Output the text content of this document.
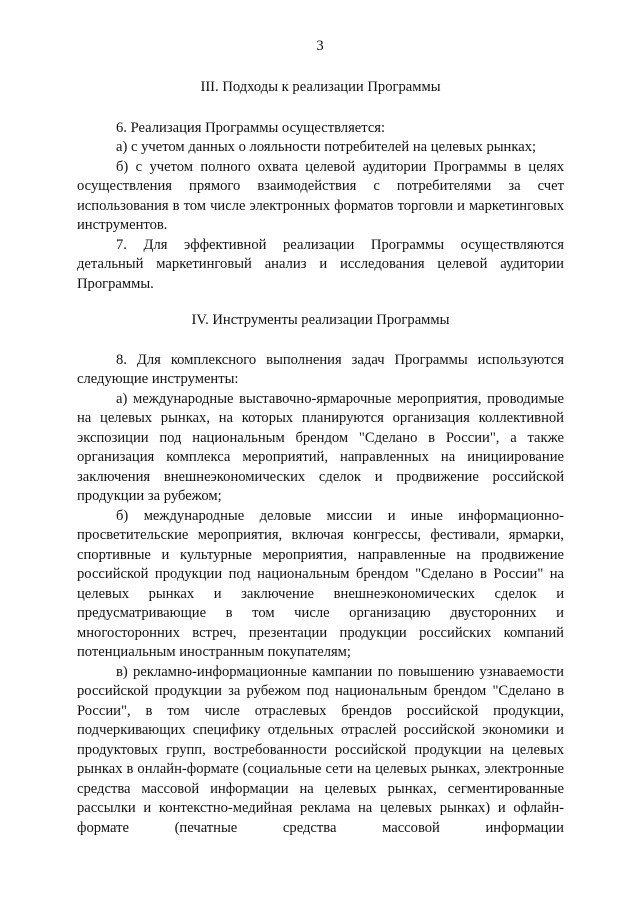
3
III. Подходы к реализации Программы

6. Реализация Программы осуществляется:

а) с учетом данных о лояльности потребителей на целевых рынках;

б) с учетом полного охвата целевой аудитории Программы в целях осуществления прямого взаимодействия с потребителями за счет использования в том числе электронных форматов торговли и маркетинговых инструментов.

7. Для эффективной реализации Программы осуществляются детальный маркетинговый анализ и исследования целевой аудитории Программы.

IV. Инструменты реализации Программы

8. Для комплексного выполнения задач Программы используются следующие инструменты:

а) международные выставочно-ярмарочные мероприятия, проводимые на целевых рынках, на которых планируются организация коллективной экспозиции под национальным брендом "Сделано в России", а также организация комплекса мероприятий, направленных на инициирование заключения внешнеэкономических сделок и продвижение российской продукции за рубежом;

б) международные деловые миссии и иные информационно-просветительские мероприятия, включая конгрессы, фестивали, ярмарки, спортивные и культурные мероприятия, направленные на продвижение российской продукции под национальным брендом "Сделано в России" на целевых рынках и заключение внешнеэкономических сделок и предусматривающие в том числе организацию двусторонних и многосторонних встреч, презентации продукции российских компаний потенциальным иностранным покупателям;

в) рекламно-информационные кампании по повышению узнаваемости российской продукции за рубежом под национальным брендом "Сделано в России", в том числе отраслевых брендов российской продукции, подчеркивающих специфику отдельных отраслей российской экономики и продуктовых групп, востребованности российской продукции на целевых рынках в онлайн-формате (социальные сети на целевых рынках, электронные средства массовой информации на целевых рынках, сегментированные рассылки и контекстно-медийная реклама на целевых рынках) и офлайн-формате (печатные средства массовой информации
